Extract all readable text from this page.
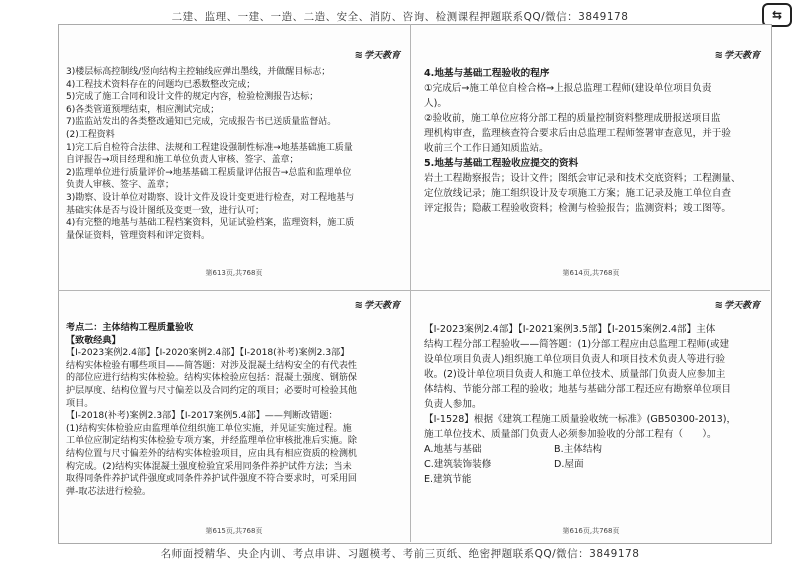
二建、监理、一建、一造、二造、安全、消防、咨询、检测课程押题联系QQ/微信：3849178	⇆
≋学天教育
3)楼层标高控制线/竖向结构主控轴线应弹出墨线，并做醒目标志；
4)工程技术资料存在的问题均已悉数整改完成；
5)完成了施工合同和设计文件的规定内容，检验检测报告达标；
6)各类管道预埋结束，相应测试完成；
7)监监站发出的各类整改通知已完成，完成报告书已送质量监督站。
(2)工程资料
1)完工后自检符合法律、法规和工程建设强制性标准→地基基础施工质量
自评报告→项目经理和施工单位负责人审核、签字、盖章；
2)监理单位进行质量评价→地基基础工程质量评估报告→总监和监理单位
负责人审核、签字、盖章；
3)勘察、设计单位对勘察、设计文件及设计变更进行检查，对工程地基与
基础实体是否与设计图纸及变更一致，进行认可；
4)有完整的地基与基础工程档案资料，见证试验档案，监理资料，施工质
量保证资料，管理资料和评定资料。
第613页,共768页
≋学天教育
4.地基与基础工程验收的程序
①完成后→施工单位自检合格→上报总监理工程师(建设单位项目负责
人)。
②验收前，施工单位应将分部工程的质量控制资料整理成册报送项目监
理机构审查，监理核查符合要求后由总监理工程师签署审查意见，并于验
收前三个工作日通知质监站。
5.地基与基础工程验收应提交的资料
岩土工程勘察报告；设计文件；图纸会审记录和技术交底资料；工程测量、
定位放线记录；施工组织设计及专项施工方案；施工记录及施工单位自查
评定报告；隐蔽工程验收资料；检测与检验报告；监测资料；竣工图等。
第614页,共768页
≋学天教育
考点二：主体结构工程质量验收
【致敬经典】
【Ⅰ-2023案例2.4部】【Ⅰ-2020案例2.4部】【Ⅰ-2018(补考)案例2.3部】
结构实体检验有哪些项目——简答题：对涉及混凝土结构安全的有代表性
的部位应进行结构实体检验。结构实体检验应包括：混凝土强度、钢筋保
护层厚度、结构位置与尺寸偏差以及合同约定的项目；必要时可检验其他
项目。
【Ⅰ-2018(补考)案例2.3部】【Ⅰ-2017案例5.4部】——判断改错题：
(1)结构实体检验应由监理单位组织施工单位实施，并见证实施过程。施
工单位应制定结构实体检验专项方案，并经监理单位审核批准后实施。除
结构位置与尺寸偏差外的结构实体检验项目，应由具有相应资质的检测机
构完成。(2)结构实体混凝土强度检验宜采用同条件养护试件方法；当未
取得同条件养护试件强度或同条件养护试件强度不符合要求时，可采用回
弹-取芯法进行检验。
第615页,共768页
≋学天教育
【Ⅰ-2023案例2.4部】【Ⅰ-2021案例3.5部】【Ⅰ-2015案例2.4部】主体
结构工程分部工程验收——简答题：(1)分部工程应由总监理工程师(或建
设单位项目负责人)组织施工单位项目负责人和项目技术负责人等进行验
收。(2)设计单位项目负责人和施工单位技术、质量部门负责人应参加主
体结构、节能分部工程的验收；地基与基础分部工程还应有勘察单位项目
负责人参加。
【Ⅰ-1528】根据《建筑工程施工质量验收统一标准》(GB50300-2013)，
施工单位技术、质量部门负责人必须参加验收的分部工程有（　　）。
A.地基与基础	B.主体结构
C.建筑装饰装修	D.屋面
E.建筑节能
第616页,共768页
名师面授精华、央企内训、考点串讲、习题模考、考前三页纸、绝密押题联系QQ/微信：3849178
